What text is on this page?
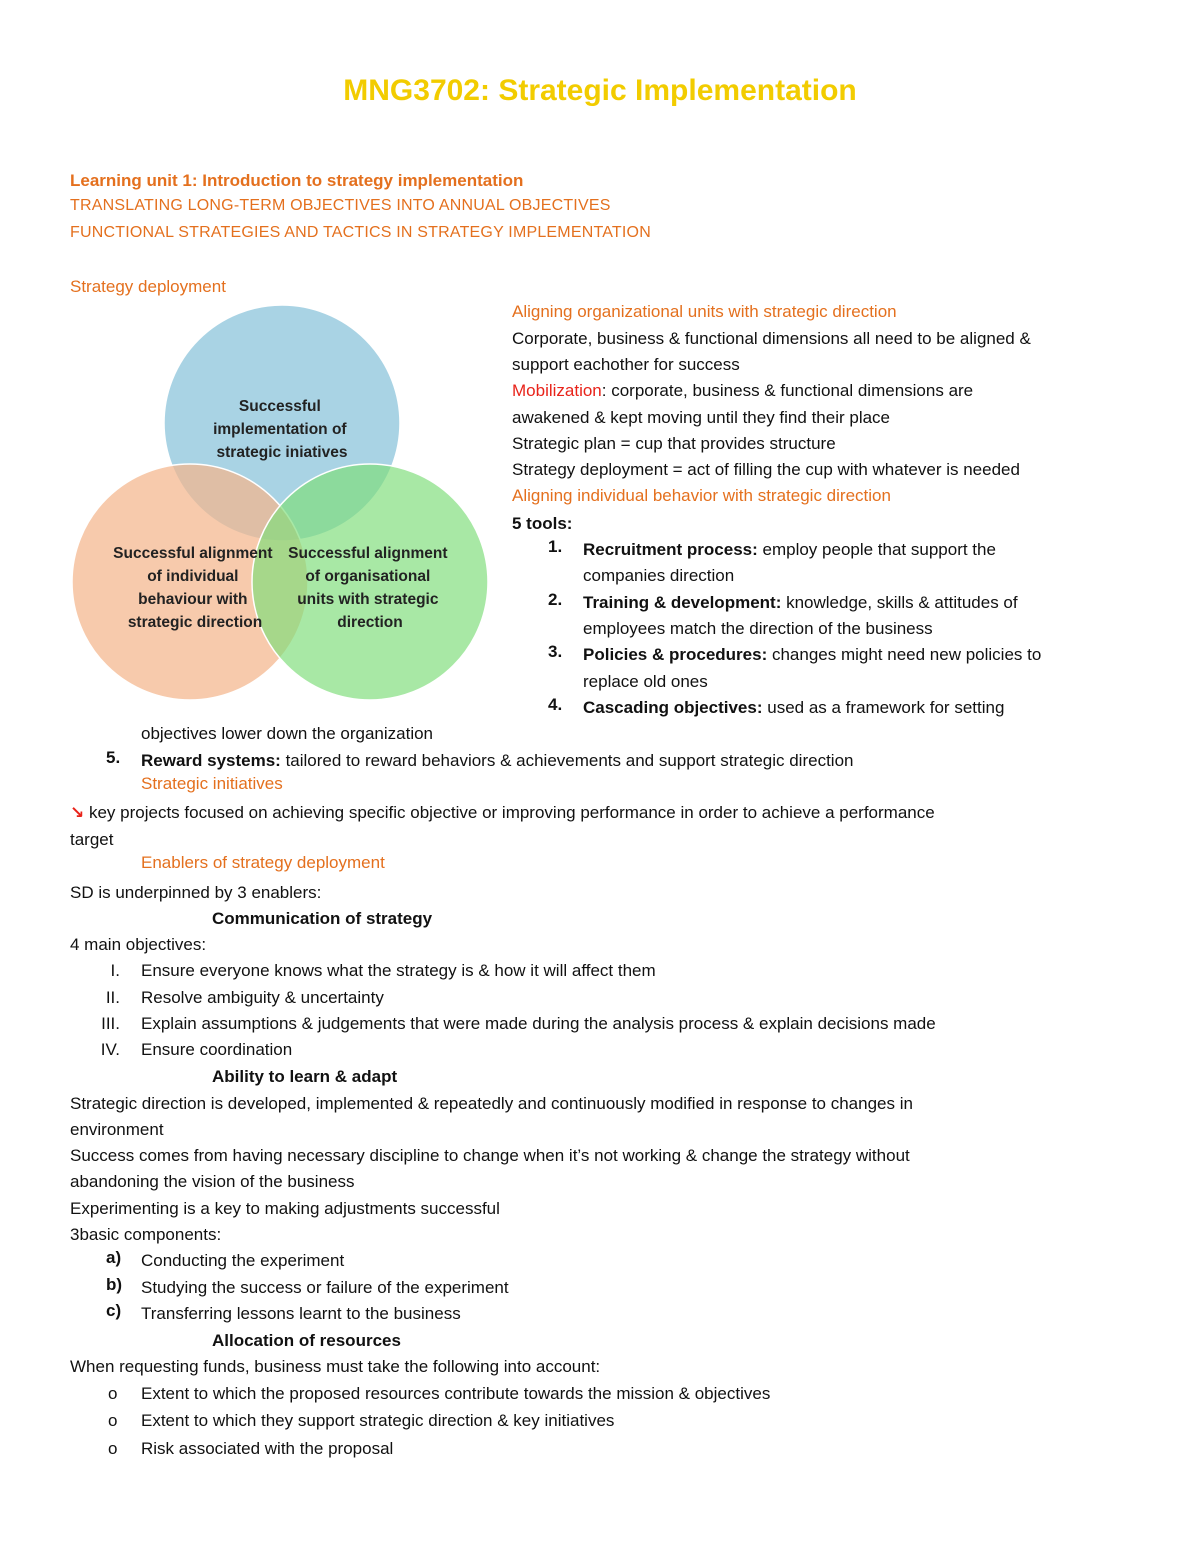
MNG3702: Strategic Implementation
Learning unit 1: Introduction to strategy implementation
TRANSLATING LONG-TERM OBJECTIVES INTO ANNUAL OBJECTIVES
FUNCTIONAL STRATEGIES AND TACTICS IN STRATEGY IMPLEMENTATION
Strategy deployment
Successful implementation of strategic iniatives
Successful alignment of individual behaviour with strategic direction
Successful alignment of organisational units with strategic direction
Aligning organizational units with strategic direction
Corporate, business & functional dimensions all need to be aligned &
support eachother for success
Mobilization: corporate, business & functional dimensions are
awakened & kept moving until they find their place
Strategic plan = cup that provides structure
Strategy deployment = act of filling the cup with whatever is needed
Aligning individual behavior with strategic direction
5 tools:
1. Recruitment process: employ people that support the
companies direction
2. Training & development: knowledge, skills & attitudes of
employees match the direction of the business
3. Policies & procedures: changes might need new policies to
replace old ones
4. Cascading objectives: used as a framework for setting
objectives lower down the organization
5. Reward systems: tailored to reward behaviors & achievements and support strategic direction
Strategic initiatives
↘ key projects focused on achieving specific objective or improving performance in order to achieve a performance
target
Enablers of strategy deployment
SD is underpinned by 3 enablers:
Communication of strategy
4 main objectives:
I. Ensure everyone knows what the strategy is & how it will affect them
II. Resolve ambiguity & uncertainty
III. Explain assumptions & judgements that were made during the analysis process & explain decisions made
IV. Ensure coordination
Ability to learn & adapt
Strategic direction is developed, implemented & repeatedly and continuously modified in response to changes in
environment
Success comes from having necessary discipline to change when it’s not working & change the strategy without
abandoning the vision of the business
Experimenting is a key to making adjustments successful
3basic components:
a) Conducting the experiment
b) Studying the success or failure of the experiment
c) Transferring lessons learnt to the business
Allocation of resources
When requesting funds, business must take the following into account:
o Extent to which the proposed resources contribute towards the mission & objectives
o Extent to which they support strategic direction & key initiatives
o Risk associated with the proposal
